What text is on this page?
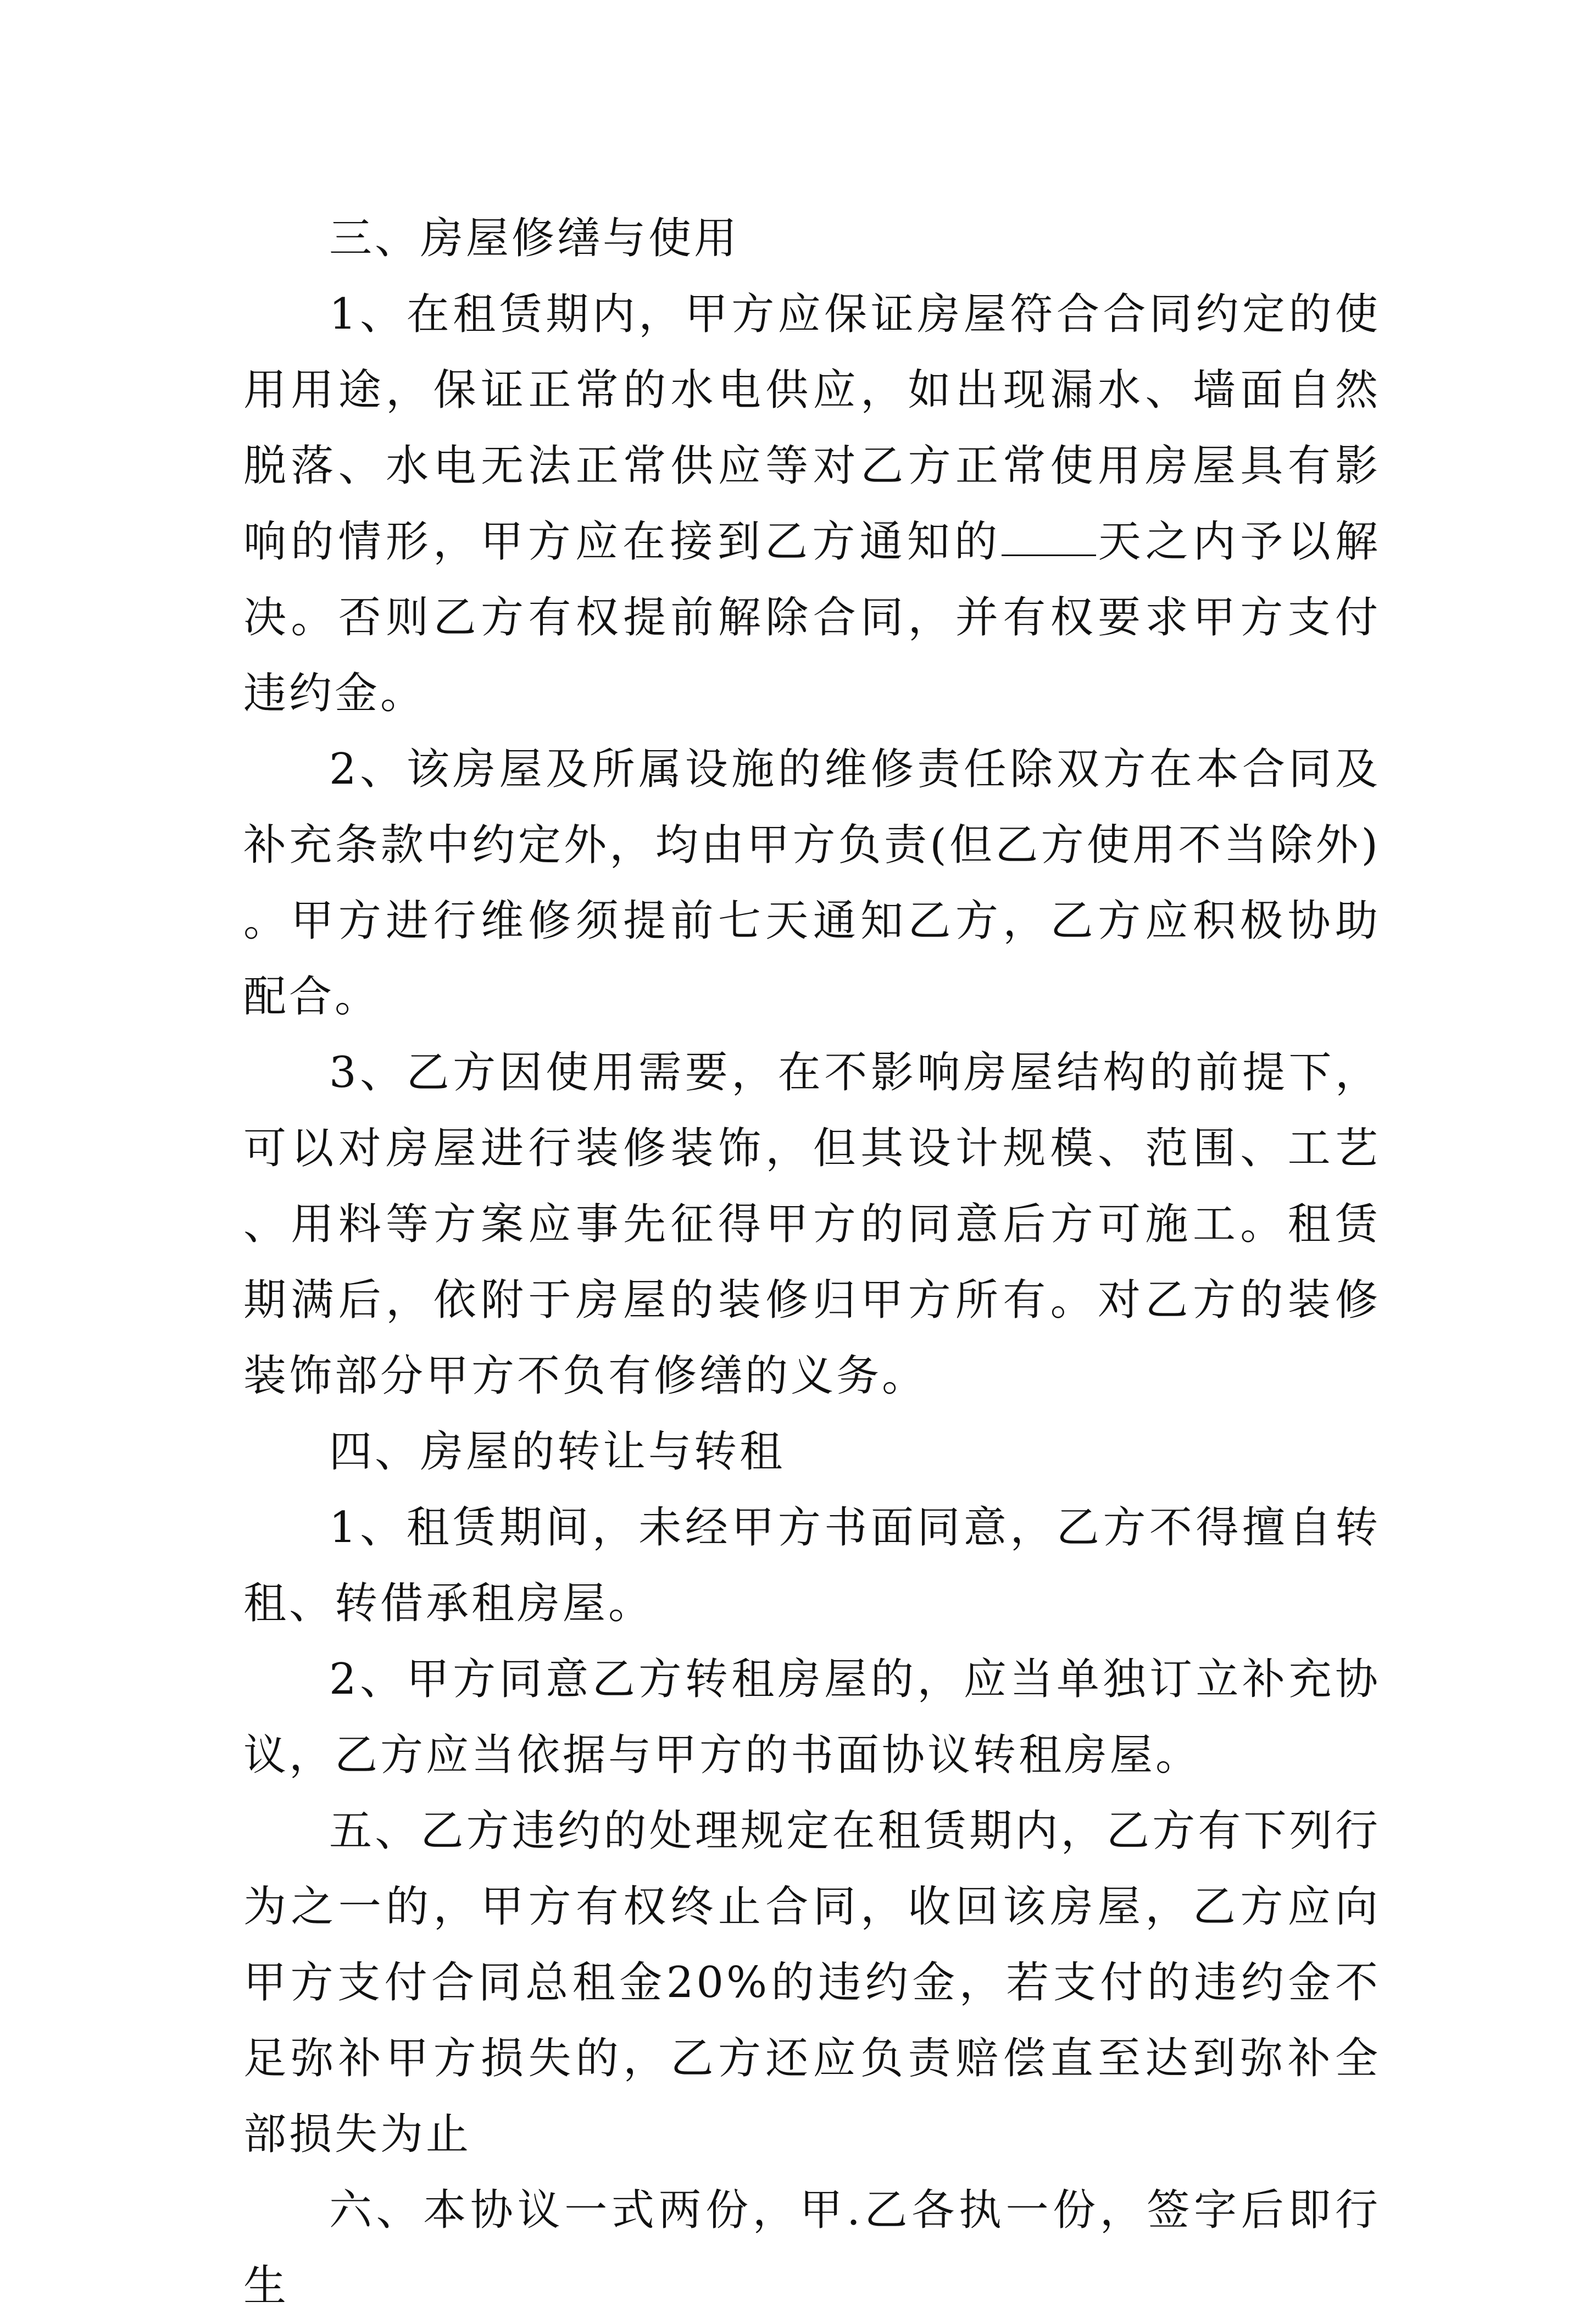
三、房屋修缮与使用

1、在租赁期内，甲方应保证房屋符合合同约定的使用用途，保证正常的水电供应，如出现漏水、墙面自然脱落、水电无法正常供应等对乙方正常使用房屋具有影响的情形，甲方应在接到乙方通知的 天之内予以解决。否则乙方有权提前解除合同，并有权要求甲方支付违约金。

2、该房屋及所属设施的维修责任除双方在本合同及补充条款中约定外，均由甲方负责(但乙方使用不当除外)。甲方进行维修须提前七天通知乙方，乙方应积极协助配合。

3、乙方因使用需要，在不影响房屋结构的前提下，可以对房屋进行装修装饰，但其设计规模、范围、工艺、用料等方案应事先征得甲方的同意后方可施工。租赁期满后，依附于房屋的装修归甲方所有。对乙方的装修装饰部分甲方不负有修缮的义务。

四、房屋的转让与转租

1、租赁期间，未经甲方书面同意，乙方不得擅自转租、转借承租房屋。

2、甲方同意乙方转租房屋的，应当单独订立补充协议，乙方应当依据与甲方的书面协议转租房屋。

五、乙方违约的处理规定在租赁期内，乙方有下列行为之一的，甲方有权终止合同，收回该房屋，乙方应向甲方支付合同总租金20%的违约金，若支付的违约金不足弥补甲方损失的，乙方还应负责赔偿直至达到弥补全部损失为止

六、本协议一式两份，甲.乙各执一份，签字后即行生
